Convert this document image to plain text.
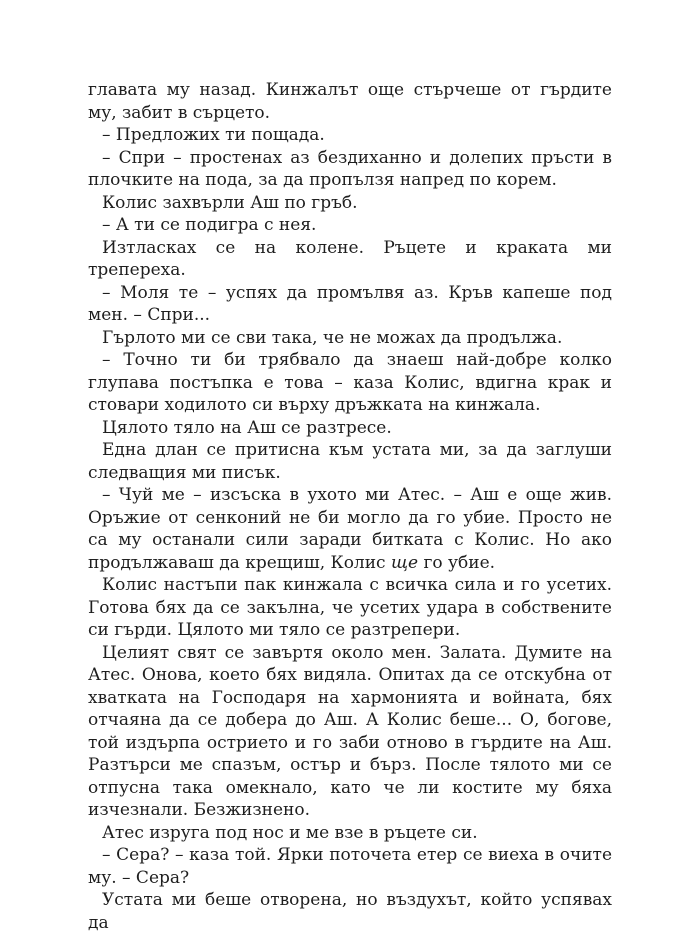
главата му назад. Кинжалът още стърчеше от гърдите му, забит в сърцето.

– Предложих ти пощада.

– Спри – простенах аз бездиханно и долепих пръсти в плочките на пода, за да пропълзя напред по корем.

Колис захвърли Аш по гръб.

– А ти се подигра с нея.

Изтласках се на колене. Ръцете и краката ми трепереха.

– Моля те – успях да промълвя аз. Кръв капеше под мен. – Спри...

Гърлото ми се сви така, че не можах да продължа.

– Точно ти би трябвало да знаеш най-добре колко глупава постъпка е това – каза Колис, вдигна крак и стовари ходилото си върху дръжката на кинжала.

Цялото тяло на Аш се разтресе.

Една длан се притисна към устата ми, за да заглуши следващия ми писък.

– Чуй ме – изсъска в ухото ми Атес. – Аш е още жив. Оръжие от сенконий не би могло да го убие. Просто не са му останали сили заради битката с Колис. Но ако продължаваш да крещиш, Колис ще го убие.

Колис настъпи пак кинжала с всичка сила и го усетих. Готова бях да се закълна, че усетих удара в собствените си гърди. Цялото ми тяло се разтрепери.

Целият свят се завъртя около мен. Залата. Думите на Атес. Онова, което бях видяла. Опитах да се отскубна от хватката на Господаря на хармонията и войната, бях отчаяна да се добера до Аш. А Колис беше... О, богове, той издърпа острието и го заби отново в гърдите на Аш. Разтърси ме спазъм, остър и бърз. После тялото ми се отпусна така омекнало, като че ли костите му бяха изчезнали. Безжизнено.

Атес изруга под нос и ме взе в ръцете си.

– Сера? – каза той. Ярки поточета етер се виеха в очите му. – Сера?

Устата ми беше отворена, но въздухът, който успявах да
